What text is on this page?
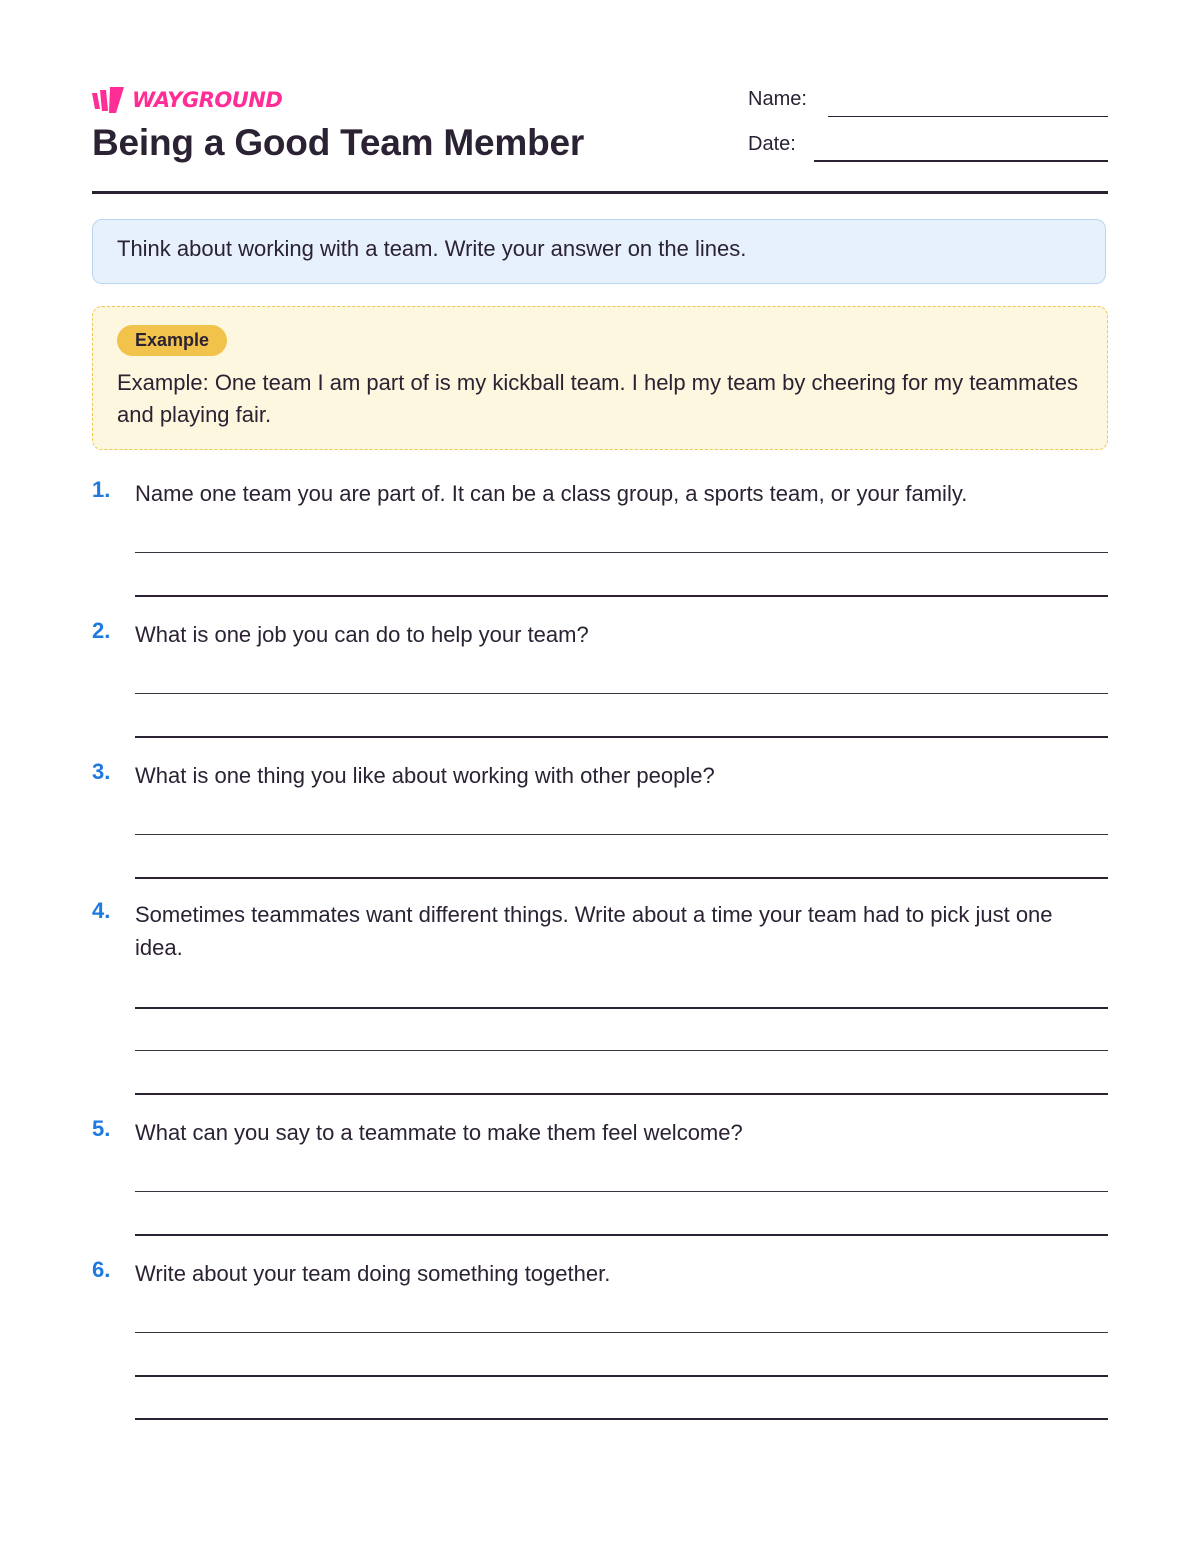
WAYGROUND
Being a Good Team Member
Name:
Date:
Think about working with a team. Write your answer on the lines.
Example
Example: One team I am part of is my kickball team. I help my team by cheering for my teammates and playing fair.
1. Name one team you are part of. It can be a class group, a sports team, or your family.
2. What is one job you can do to help your team?
3. What is one thing you like about working with other people?
4. Sometimes teammates want different things. Write about a time your team had to pick just one idea.
5. What can you say to a teammate to make them feel welcome?
6. Write about your team doing something together.
